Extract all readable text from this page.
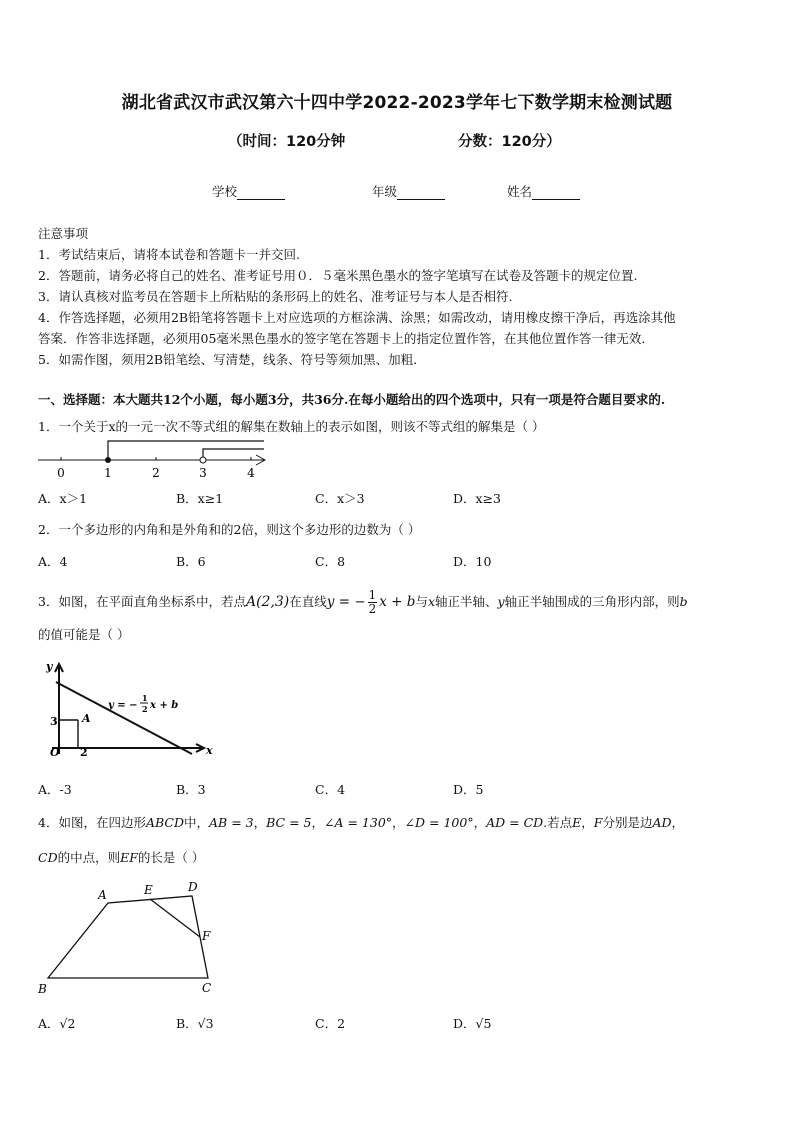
湖北省武汉市武汉第六十四中学2022-2023学年七下数学期末检测试题
（时间：120分钟	分数：120分）
学校	年级	姓名
注意事项
1．考试结束后，请将本试卷和答题卡一并交回.
2．答题前，请务必将自己的姓名、准考证号用０．５毫米黑色墨水的签字笔填写在试卷及答题卡的规定位置.
3．请认真核对监考员在答题卡上所粘贴的条形码上的姓名、准考证号与本人是否相符.
4．作答选择题，必须用2B铅笔将答题卡上对应选项的方框涂满、涂黑；如需改动，请用橡皮擦干净后，再选涂其他
答案．作答非选择题，必须用05毫米黑色墨水的签字笔在答题卡上的指定位置作答，在其他位置作答一律无效．
5．如需作图，须用2B铅笔绘、写清楚，线条、符号等须加黑、加粗．
一、选择题：本大题共12个小题，每小题3分，共36分.在每小题给出的四个选项中，只有一项是符合题目要求的.
1．一个关于x的一元一次不等式组的解集在数轴上的表示如图，则该不等式组的解集是（ ）
0	1	2	3	4
A．x＞1	B．x≥1	C．x＞3	D．x≥3
2．一个多边形的内角和是外角和的2倍，则这个多边形的边数为（ ）
A．4	B．6	C．8	D．10
3．如图，在平面直角坐标系中，若点A(2,3)在直线y = − $\frac{1}{2}$ x + b与x轴正半轴、y轴正半轴围成的三角形内部，则b
的值可能是（ ）
y
x
O
3
2
A
y = −
1
2 x + b
A．-3	B．3	C．4	D．5
4．如图，在四边形ABCD中，AB = 3，BC = 5，∠A = 130°，∠D = 100°，AD = CD.若点E，F分别是边AD，
CD的中点，则EF的长是（ ）
A
B	C
D
E
F
A．√2	B．√3	C．2	D．√5
